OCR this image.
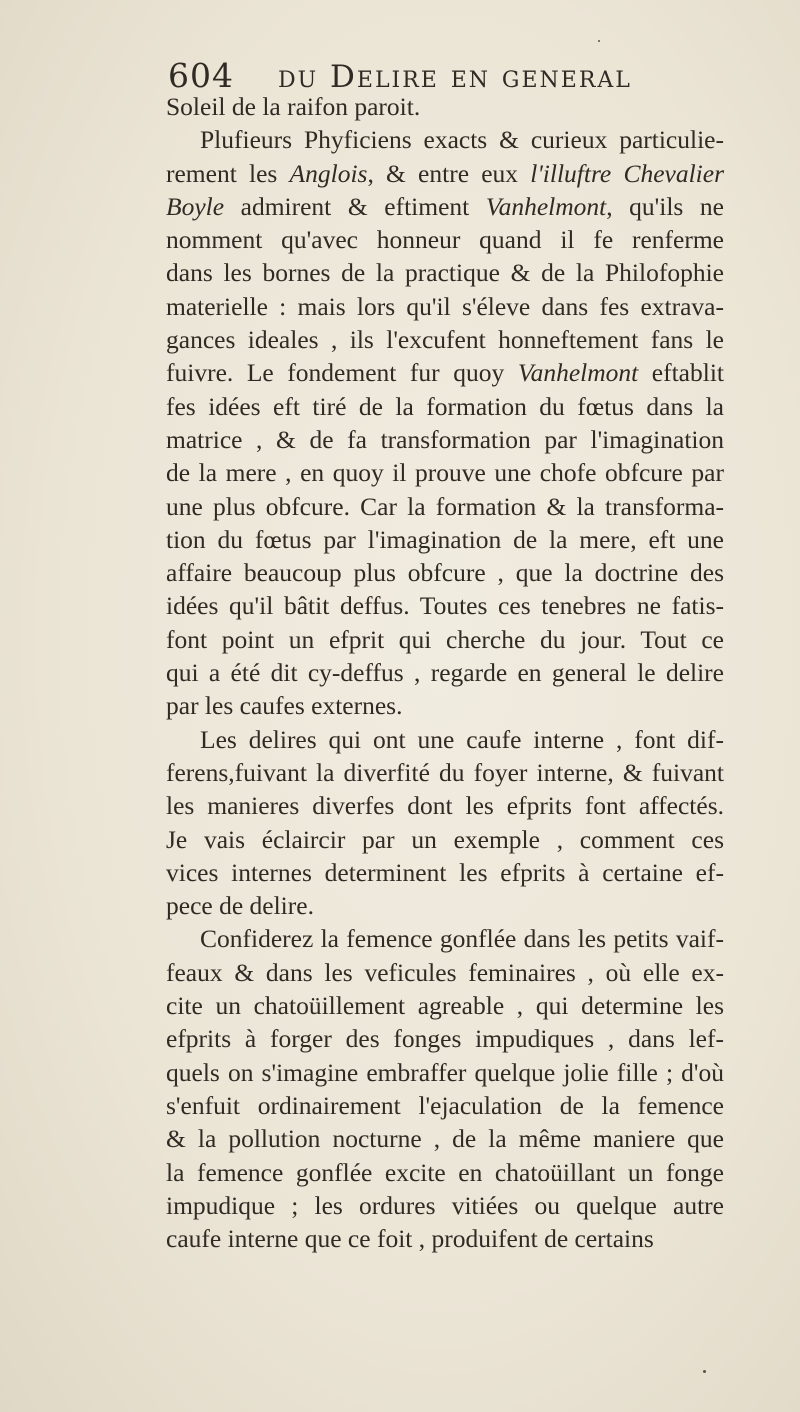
604	du Delire en general

Soleil de la raifon paroit.

Plufieurs Phyficiens exacts & curieux particulie-
rement les Anglois, & entre eux l'illuftre Chevalier
Boyle admirent & eftiment Vanhelmont, qu'ils ne
nomment qu'avec honneur quand il fe renferme
dans les bornes de la practique & de la Philofophie
materielle : mais lors qu'il s'éleve dans fes extrava-
gances ideales , ils l'excufent honneftement fans le
fuivre. Le fondement fur quoy Vanhelmont eftablit
fes idées eft tiré de la formation du fœtus dans la
matrice , & de fa transformation par l'imagination
de la mere , en quoy il prouve une chofe obfcure par
une plus obfcure. Car la formation & la transforma-
tion du fœtus par l'imagination de la mere, eft une
affaire beaucoup plus obfcure , que la doctrine des
idées qu'il bâtit deffus. Toutes ces tenebres ne fatis-
font point un efprit qui cherche du jour. Tout ce
qui a été dit cy-deffus , regarde en general le delire
par les caufes externes.

Les delires qui ont une caufe interne , font dif-
ferens,fuivant la diverfité du foyer interne, & fuivant
les manieres diverfes dont les efprits font affectés.
Je vais éclaircir par un exemple , comment ces
vices internes determinent les efprits à certaine ef-
pece de delire.

Confiderez la femence gonflée dans les petits vaif-
feaux & dans les veficules feminaires , où elle ex-
cite un chatoüillement agreable , qui determine les
efprits à forger des fonges impudiques , dans lef-
quels on s'imagine embraffer quelque jolie fille ; d'où
s'enfuit ordinairement l'ejaculation de la femence
& la pollution nocturne , de la même maniere que
la femence gonflée excite en chatoüillant un fonge
impudique ; les ordures vitiées ou quelque autre
caufe interne que ce foit , produifent de certains
